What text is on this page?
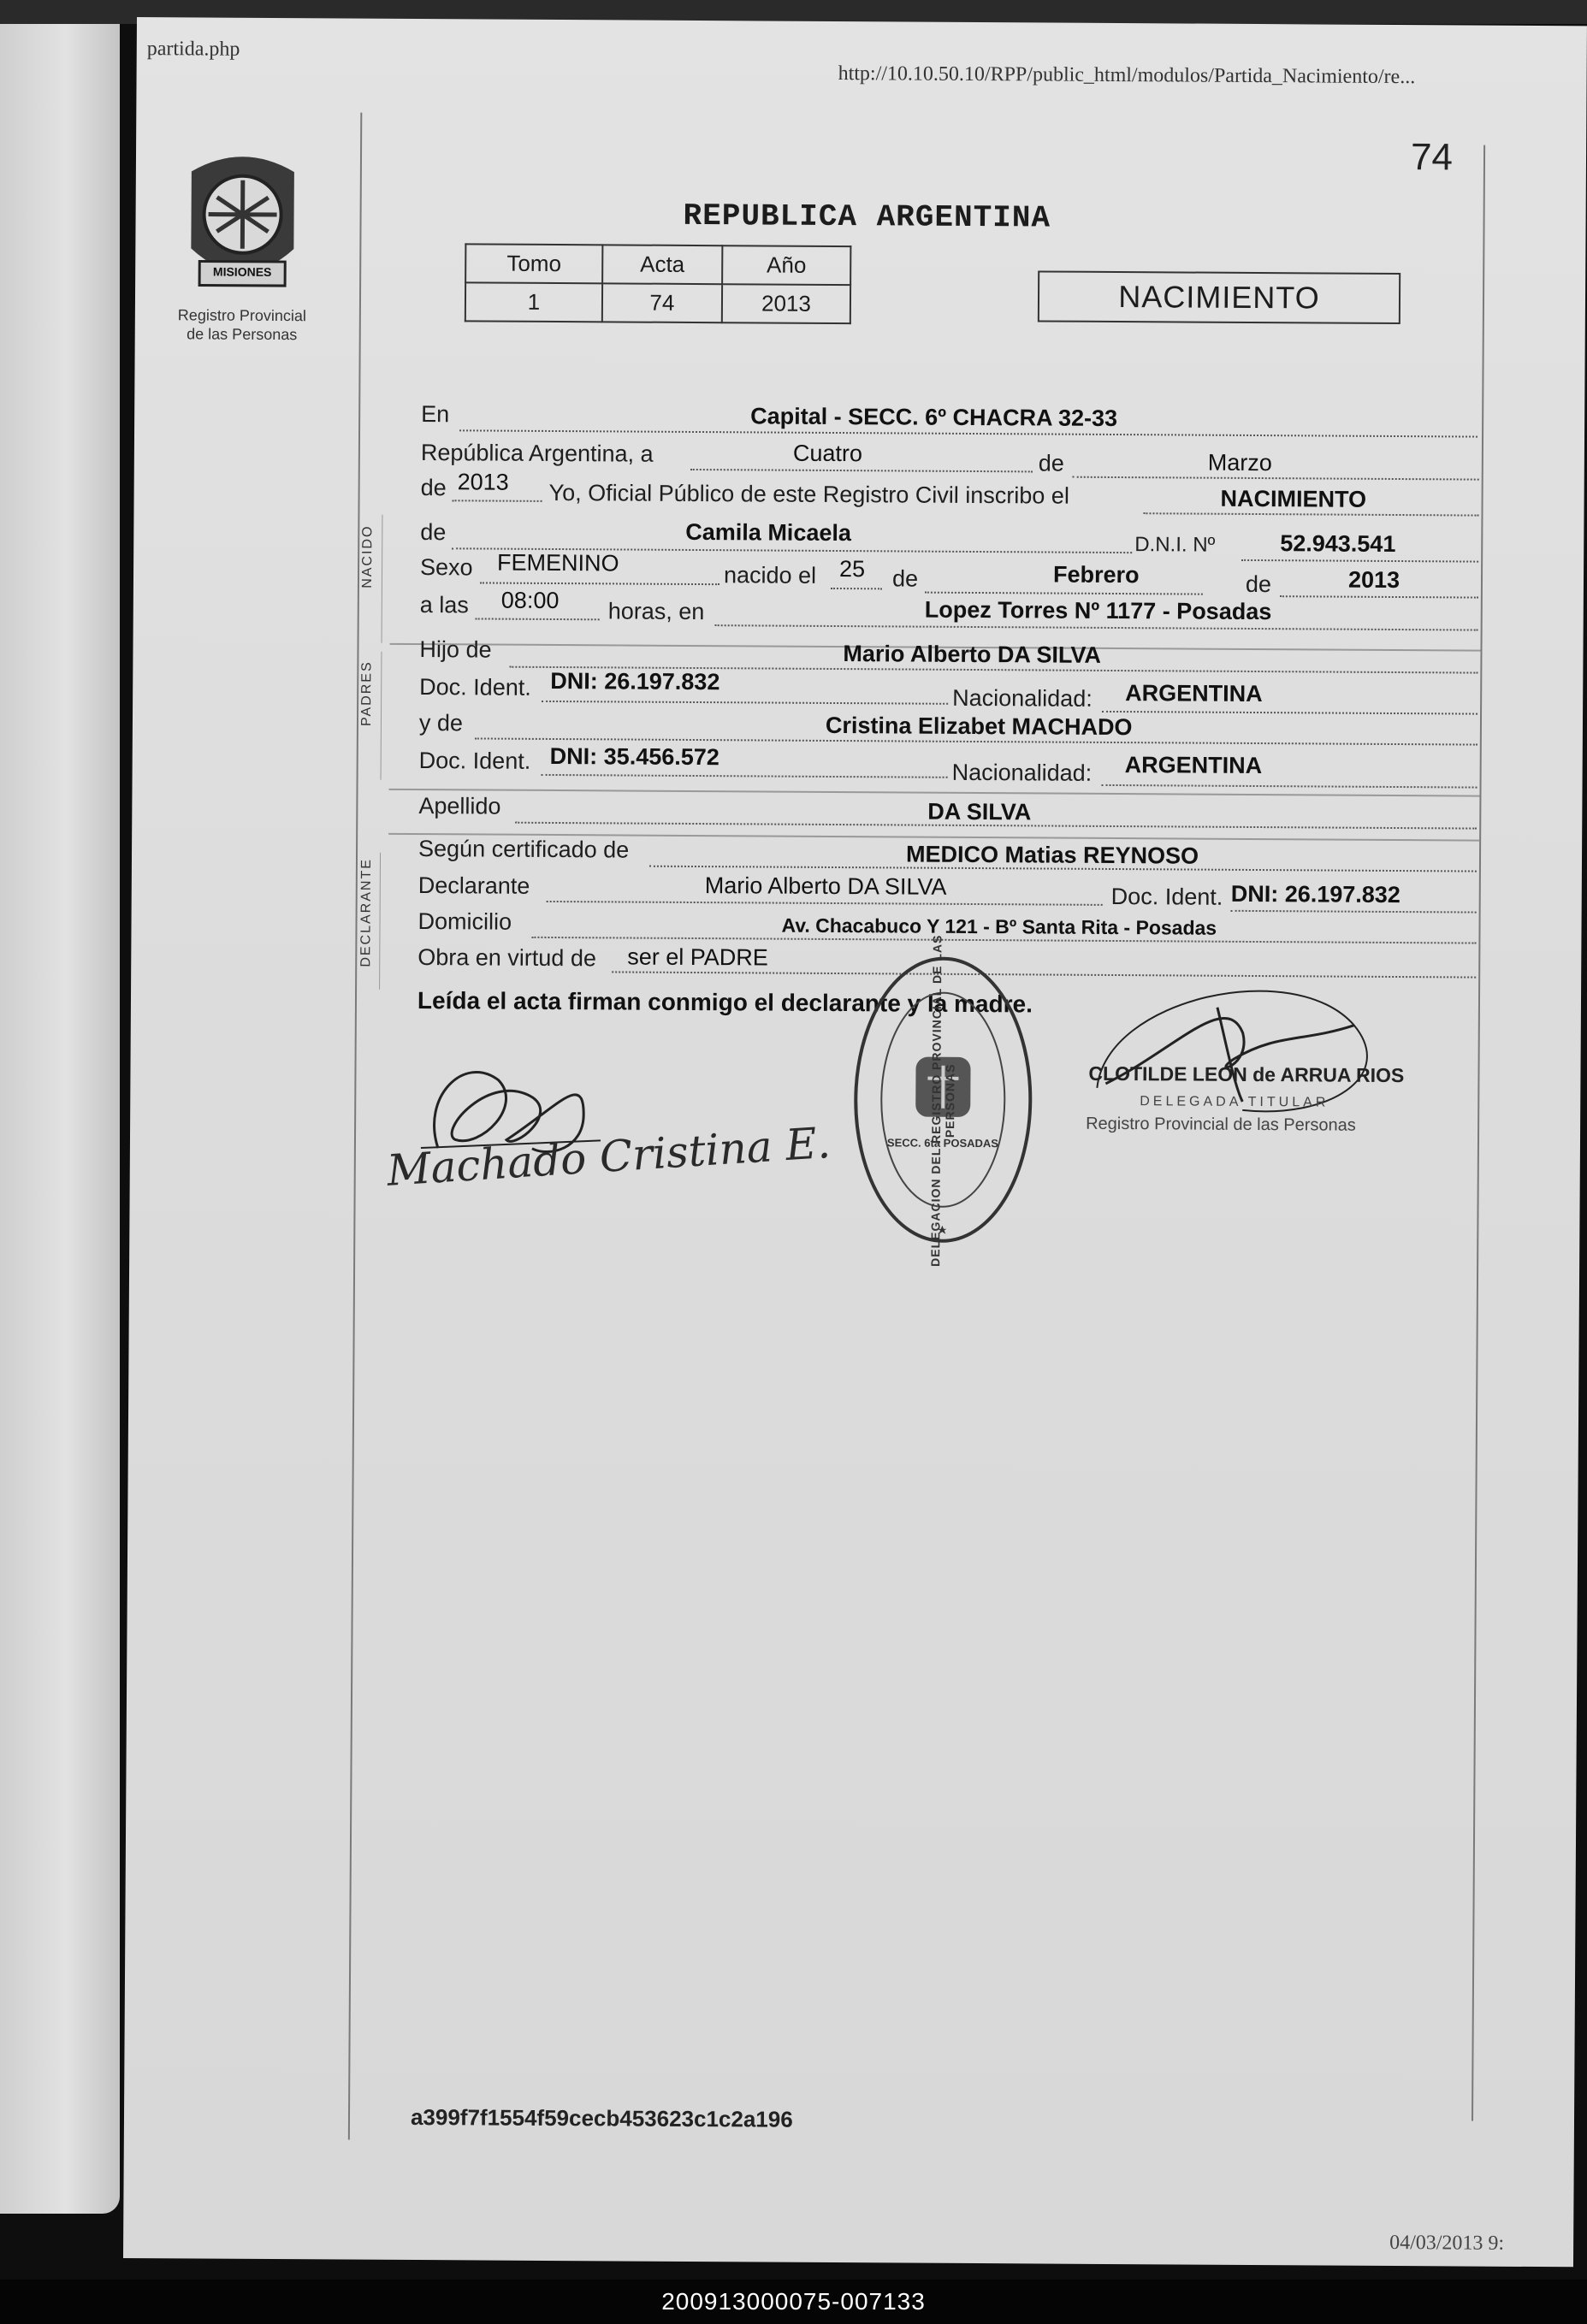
partida.php
http://10.10.50.10/RPP/public_html/modulos/Partida_Nacimiento/re...
74
MISIONES
Registro Provincial
de las Personas
REPUBLICA ARGENTINA
Tomo	Acta	Año
1	74	2013	NACIMIENTO
NACIDO
PADRES
DECLARANTE
En	Capital - SECC. 6º CHACRA 32-33
República Argentina, a	Cuatro	de	Marzo
de 2013 Yo, Oficial Público de este Registro Civil inscribo el	NACIMIENTO
de	Camila Micaela	D.N.I. Nº	52.943.541
Sexo FEMENINO	nacido el 25 de	Febrero	de	2013
a las 08:00 horas, en	Lopez Torres Nº 1177 - Posadas
Hijo de	Mario Alberto DA SILVA
Doc. Ident. DNI: 26.197.832
Nacionalidad: ARGENTINA
y de	Cristina Elizabet MACHADO
Doc. Ident. DNI: 35.456.572
Nacionalidad: ARGENTINA
Apellido	DA SILVA
Según certificado de	MEDICO Matias REYNOSO
Declarante	Mario Alberto DA SILVA	Doc. Ident. DNI: 26.197.832
Domicilio	Av. Chacabuco Y 121 - Bº Santa Rita - Posadas
Obra en virtud de ser el PADRE
Leída el acta firman conmigo el declarante y la madre.
Machado Cristina E.	DELEGACION DEL REGISTRO PROVINCIAL DE LAS PERSONAS
SECC. 6ta POSADAS
CLOTILDE LEON de ARRUA RIOS
DELEGADA TITULAR
Registro Provincial de las Personas
a399f7f1554f59cecb453623c1c2a196
04/03/2013 9:
200913000075-007133
